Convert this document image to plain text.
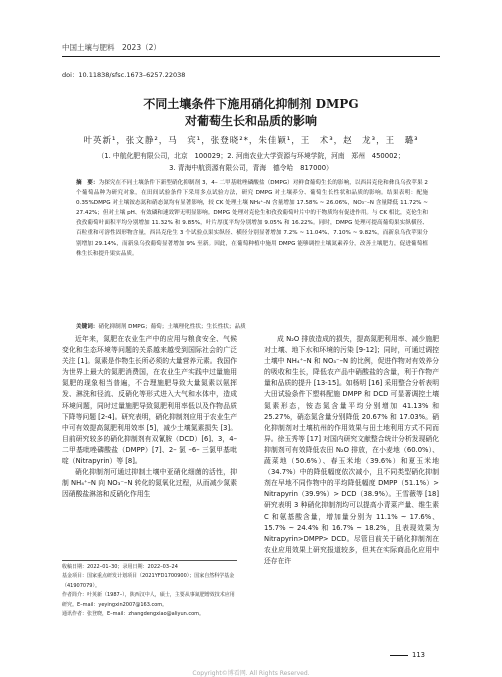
中国土壤与肥料　2023（2）
doi：10.11838/sfsc.1673–6257.22038
不同土壤条件下施用硝化抑制剂 DMPG
对葡萄生长和品质的影响
叶英新¹，张文静²，马　宾¹，张登晓²*，朱佳颖¹，王　术³，赵　龙³，王　璐³
（1. 中航化肥有限公司，北京　100029；2. 河南农业大学资源与环境学院，河南　郑州　450002；
3. 青海中航资源有限公司，青海　德令哈　817000）
摘　要：为探究在不同土壤条件下新型硝化抑制剂 3，4– 二甲基吡唑磷酸盐（DMPG）对鲜食葡萄生长的影响，以西昌克伦和彝良乌孜苹果 2 个葡萄品种为研究对象，在田间试验条件下采用多点试验方法，研究 DMPG 对土壤养分、葡萄生长性状和品质的影响。结果表明：配施 0.35%DMPG 对土壤铵态氮和硝态氮均有显著影响，较 CK 处理土壤 NH₄⁺–N 含量增加 17.58% ~ 26.06%，NO₃⁻–N 含量降低 11.72% ~ 27.42%；但对土壤 pH、有效磷和速效钾无明显影响。DMPG 处理对克伦生和孜孜葡萄叶片中的干物质均有促进作用。与 CK 相比，克伦生和孜孜葡萄叶面积平均分别增加 11.32% 和 9.85%，叶片厚度平均分别增加 9.05% 和 16.22%。同时，DMPG 处理可提高葡萄果实纵横径、百粒重和可溶性固形物含量，西昌克伦生 3 个试验点果实纵径、横径分别显著增加 7.2% ~ 11.04%、7.10% ~ 9.82%，而新泉乌孜苹果分别增加 29.14%，而新泉乌孜葡萄显著增加 9% 至新。因此，在葡萄种植中施用 DMPG 能够调控土壤氮素养分，改善土壤肥力，促进葡萄植株生长和提升果实品质。
关键词：硝化抑制剂 DMPG；葡萄；土壤理化性状；生长性状；品质

近年来，氮肥在农业生产中的应用与粮食安全、气候变化和生态环境等问题的关系越来越受到国际社会的广泛关注 [1]。氮素是作物生长所必须的大量营养元素。我国作为世界上最大的氮肥消费国，在农业生产实践中过量施用氮肥的现象相当普遍，不合理施肥导致大量氮素以氨挥发、淋洗和径流、反硝化等形式进入大气和水体中，造成环境问题，同时过量施肥导致氮肥利用率低以及作物品质下降等问题 [2-4]。研究表明，硝化抑制剂应用于农业生产中可有效提高氮肥利用效率 [5]，减少土壤氮素损失 [3]。目前研究较多的硝化抑制剂有双氰胺（DCD）[6]、3，4– 二甲基吡唑磷酸盐（DMPP）[7]、2– 氯 –6– 三氯甲基吡啶（Nitrapyrin）等 [8]。

硝化抑制剂可通过抑制土壤中亚硝化细菌的活性，抑制 NH₄⁺–N 向 NO₃⁻–N 转化的氮氧化过程，从而减少氮素因硝酸盐淋溶和反硝化作用生

成 N₂O 排放造成的损失，提高氮肥利用率、减少施肥对土壤、地下水和环境的污染 [9-12]；同时，可通过调控土壤中 NH₄⁺–N 和 NO₃⁻–N 的比例，促进作物对有效养分的吸收和生长，降低农产品中硝酸盐的含量，利于作物产量和品质的提升 [13-15]。如杨明 [16] 采用整合分析表明大田试验条件下塑料配施 DMPP 和 DCD 可显著调控土壤氮素形态，铵态氮含量平均分别增加 41.13% 和 25.27%，硝态氮含量分别降低 20.67% 和 17.03%。硝化抑制剂对土壤杭州的作用效果与田土地利用方式不同而异。徐玉秀等 [17] 对国内研究文献整合统计分析发现硝化抑制剂可有效降低农田 N₂O 排放，在小麦地（60.0%）、蔬菜地（50.6%）、春玉米地（39.6%）和夏玉米地（34.7%）中的降低幅度依次减小，且不同类型硝化抑制剂在早地不同作物中的平均降低幅度 DMPP（51.1%）> Nitrapyrin（39.9%）> DCD（38.9%）。王雪薇等 [18] 研究表明 3 种硝化抑制剂均可以提高小青菜产量、维生素 C 和氨基酸含量，增加量分别为 11.1% ~ 17.6%、15.7% ~ 24.4% 和 16.7% ~ 18.2%，且表现效果为 Nitrapyrin>DMPP> DCD。尽管目前关于硝化抑制剂在农业应用效果上研究报道较多，但其在实际商品化应用中还存在许

收稿日期：2022–01–30；录用日期：2022–03–24
基金项目：国家重点研发计划项目（2021YFD1700900）；国家自然科学基金（41907079）。
作者简介：叶英新（1987–），陕西汉中人，硕士，主要从事氮肥增效技术应用研究。E–mail：yeyingxin2007@163.com。
通讯作者：张登晓，E–mail：zhangdengxiao@aliyun.com。
113
Copyright©博看网. All Rights Reserved.
